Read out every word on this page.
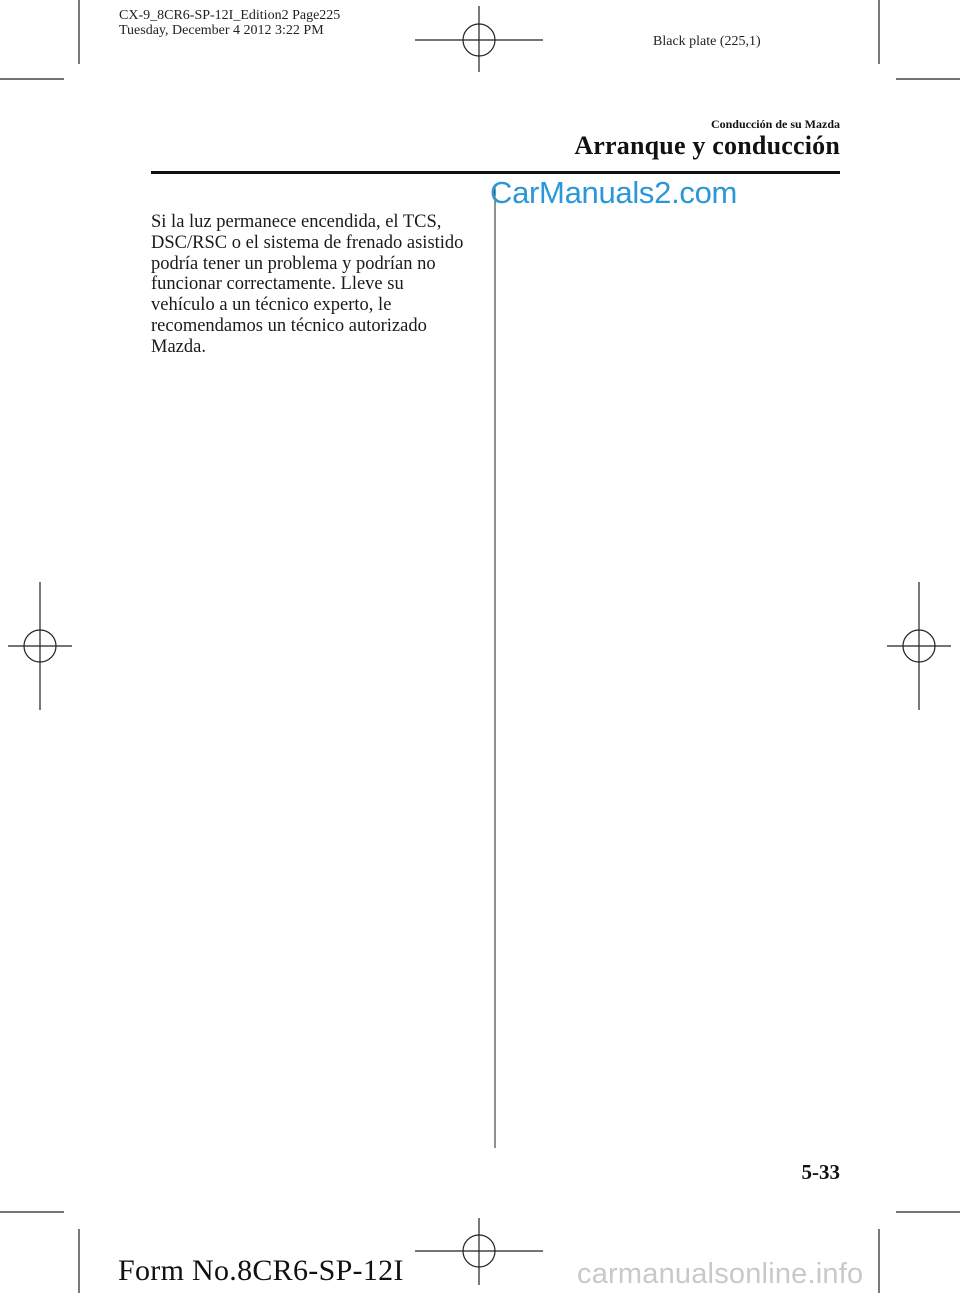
CX-9_8CR6-SP-12I_Edition2 Page225
Tuesday, December 4 2012 3:22 PM
Black plate (225,1)
Conducción de su Mazda
Arranque y conducción
CarManuals2.com

Si la luz permanece encendida, el TCS,
DSC/RSC o el sistema de frenado asistido
podría tener un problema y podrían no
funcionar correctamente. Lleve su
vehículo a un técnico experto, le
recomendamos un técnico autorizado
Mazda.

5-33
Form No.8CR6-SP-12I	carmanualsonline.info
